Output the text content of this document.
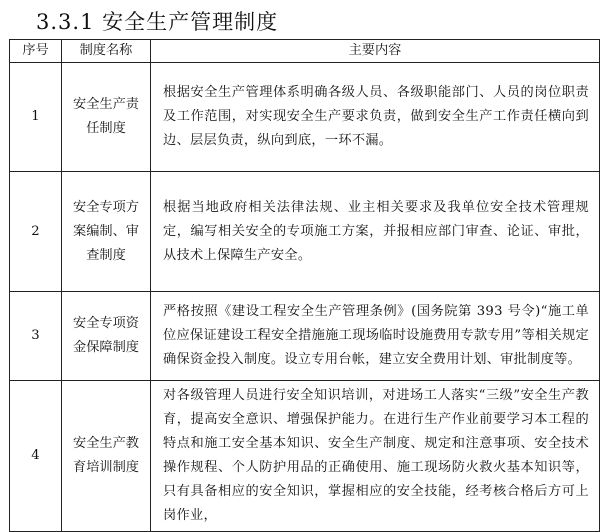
3.3.1 安全生产管理制度
序号	制度名称	主要内容
1	安全生产责任制度	根据安全生产管理体系明确各级人员、各级职能部门、人员的岗位职责及工作范围，对实现安全生产要求负责，做到安全生产工作责任横向到边、层层负责，纵向到底，一环不漏。
2	安全专项方案编制、审查制度	根据当地政府相关法律法规、业主相关要求及我单位安全技术管理规定，编写相关安全的专项施工方案，并报相应部门审查、论证、审批，从技术上保障生产安全。
3	安全专项资金保障制度	严格按照《建设工程安全生产管理条例》(国务院第 393 号令)“施工单位应保证建设工程安全措施施工现场临时设施费用专款专用”等相关规定确保资金投入制度。设立专用台帐，建立安全费用计划、审批制度等。
4	安全生产教育培训制度	对各级管理人员进行安全知识培训，对进场工人落实“三级”安全生产教育，提高安全意识、增强保护能力。在进行生产作业前要学习本工程的特点和施工安全基本知识、安全生产制度、规定和注意事项、安全技术操作规程、个人防护用品的正确使用、施工现场防火救火基本知识等，只有具备相应的安全知识，掌握相应的安全技能，经考核合格后方可上岗作业，
